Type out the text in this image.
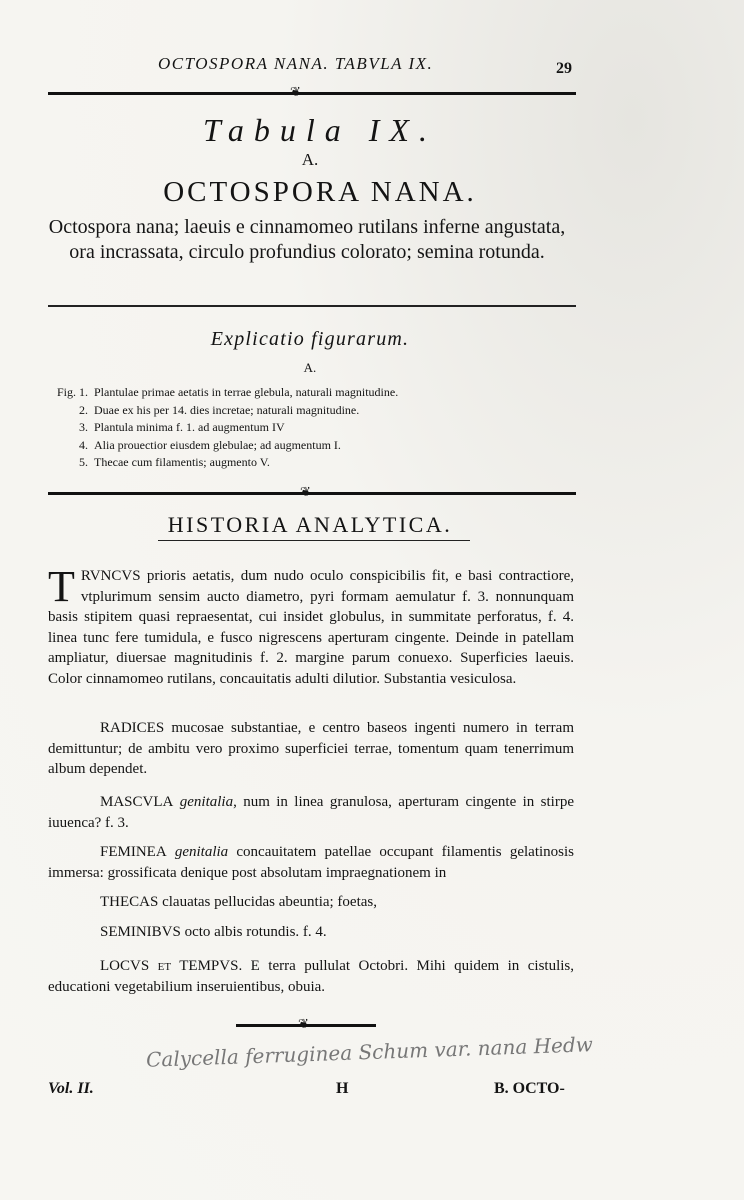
OCTOSPORA NANA. TABVLA IX.	29
❦
Tabula IX.
A.
OCTOSPORA NANA.
Octospora nana; laeuis e cinnamomeo rutilans inferne angustata, ora incrassata, circulo profundius colorato; semina rotunda.
Explicatio figurarum.
A.
Fig. 1. Plantulae primae aetatis in terrae glebula, naturali magnitudine.
2. Duae ex his per 14. dies incretae; naturali magnitudine.
3. Plantula minima f. 1. ad augmentum IV
4. Alia prouectior eiusdem glebulae; ad augmentum I.
5. Thecae cum filamentis; augmento V.
❦
HISTORIA ANALYTICA.
TRVNCVS prioris aetatis, dum nudo oculo conspicibilis fit, e basi contractiore, vtplurimum sensim aucto diametro, pyri formam aemulatur f. 3. nonnunquam basis stipitem quasi repraesentat, cui insidet globulus, in summitate perforatus, f. 4. linea tunc fere tumidula, e fusco nigrescens aperturam cingente. Deinde in patellam ampliatur, diuersae magnitudinis f. 2. margine parum conuexo. Superficies laeuis. Color cinnamomeo rutilans, concauitatis adulti dilutior. Substantia vesiculosa.
RADICES mucosae substantiae, e centro baseos ingenti numero in terram demittuntur; de ambitu vero proximo superficiei terrae, tomentum quam tenerrimum album dependet.
MASCVLA genitalia, num in linea granulosa, aperturam cingente in stirpe iuuenca? f. 3.
FEMINEA genitalia concauitatem patellae occupant filamentis gelatinosis immersa: grossificata denique post absolutam impraegnationem in
THECAS clauatas pellucidas abeuntia; foetas,
SEMINIBVS octo albis rotundis. f. 4.
LOCVS et TEMPVS. E terra pullulat Octobri. Mihi quidem in cistulis, educationi vegetabilium inseruientibus, obuia.
❦
Calycella ferruginea Schum var. nana Hedw
Vol. II.	H	B. OCTO-
